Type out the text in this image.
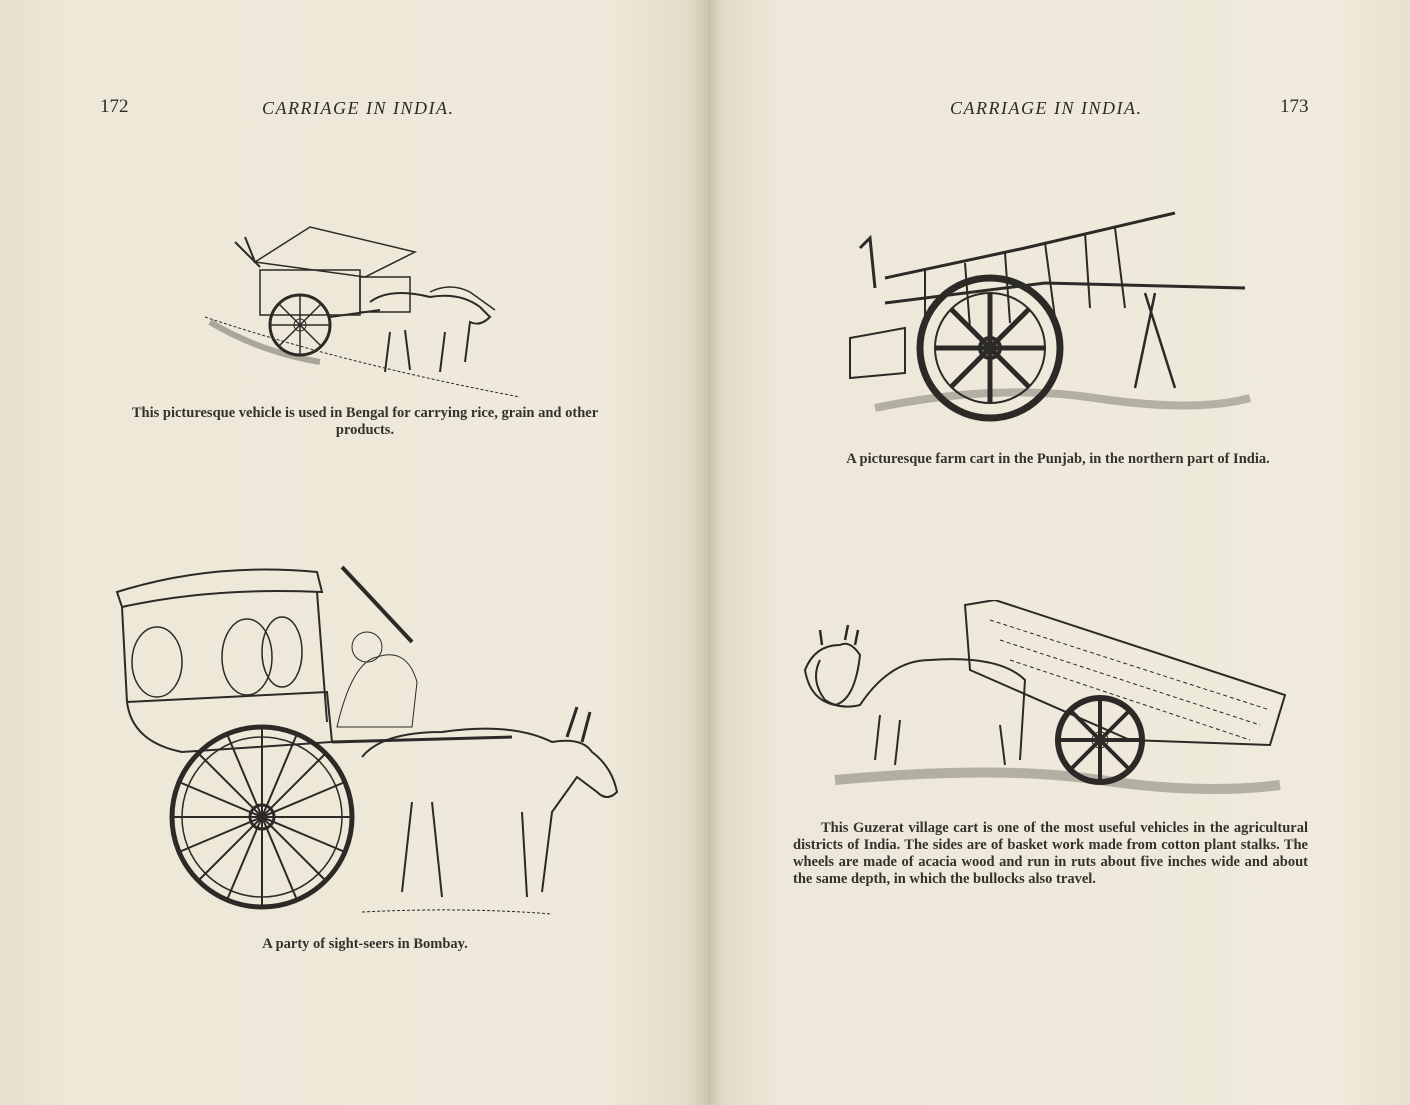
172	CARRIAGE IN INDIA.
This picturesque vehicle is used in Bengal for carrying rice, grain and other products.
A party of sight-seers in Bombay.
CARRIAGE IN INDIA.	173
A picturesque farm cart in the Punjab, in the northern part of India.
This Guzerat village cart is one of the most useful vehicles in the agricultural districts of India. The sides are of basket work made from cotton plant stalks. The wheels are made of acacia wood and run in ruts about five inches wide and about the same depth, in which the bullocks also travel.
